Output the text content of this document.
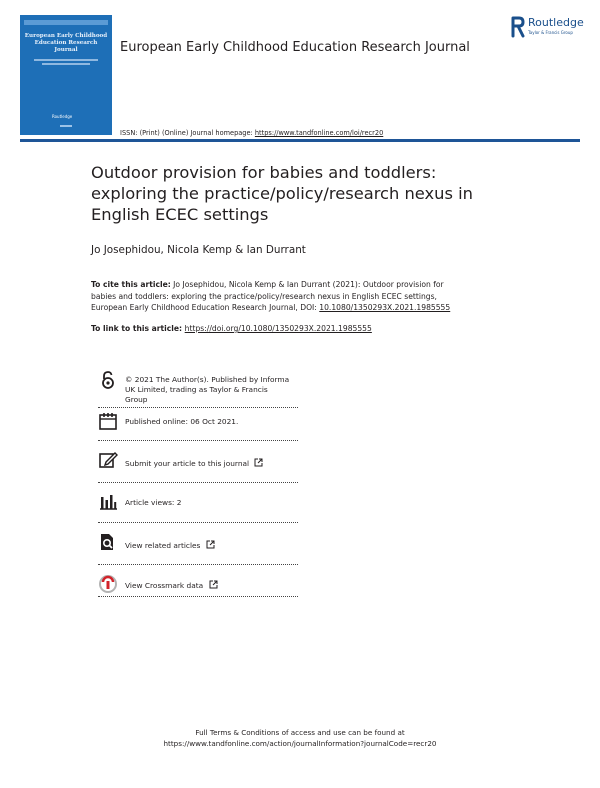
European Early Childhood
Education Research Journal
Routledge
European Early Childhood Education Research Journal
Routledge
Taylor & Francis Group
ISSN: (Print) (Online) Journal homepage: https://www.tandfonline.com/loi/recr20
Outdoor provision for babies and toddlers:
exploring the practice/policy/research nexus in
English ECEC settings
Jo Josephidou, Nicola Kemp & Ian Durrant
To cite this article: Jo Josephidou, Nicola Kemp & Ian Durrant (2021): Outdoor provision for
babies and toddlers: exploring the practice/policy/research nexus in English ECEC settings,
European Early Childhood Education Research Journal, DOI: 10.1080/1350293X.2021.1985555
To link to this article: https://doi.org/10.1080/1350293X.2021.1985555
© 2021 The Author(s). Published by Informa
UK Limited, trading as Taylor & Francis
Group
Published online: 06 Oct 2021.
Submit your article to this journal
Article views: 2
View related articles
View Crossmark data
Full Terms & Conditions of access and use can be found at
https://www.tandfonline.com/action/journalInformation?journalCode=recr20
